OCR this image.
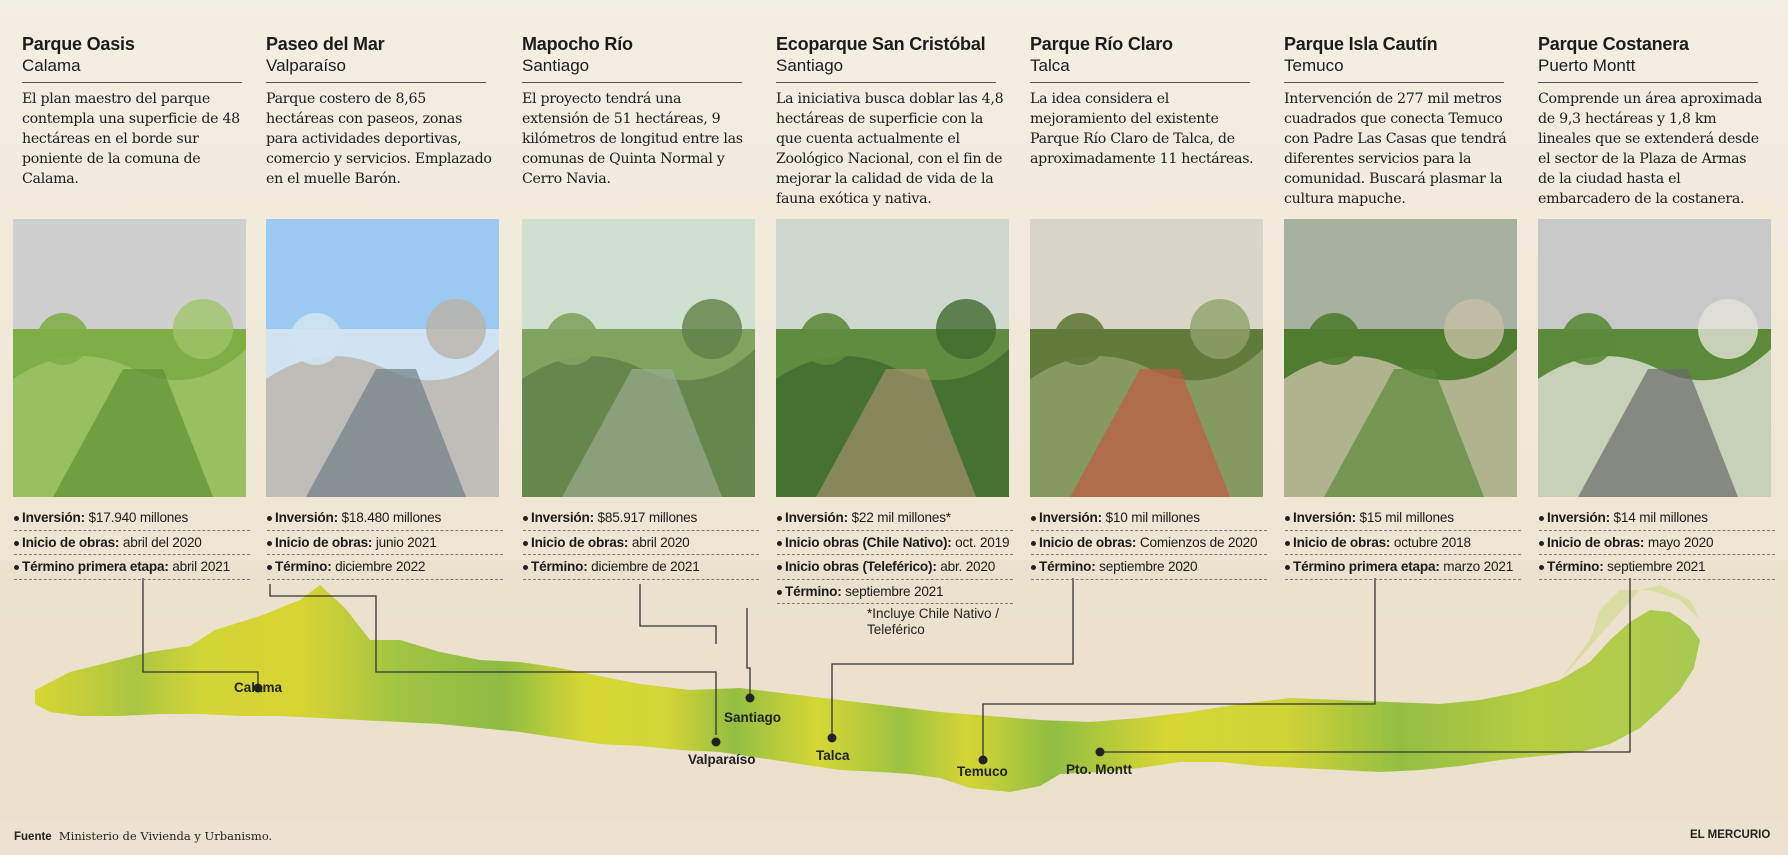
Parque Oasis
Calama
El plan maestro del parque contempla una superficie de 48 hectáreas en el borde sur poniente de la comuna de Calama.
Paseo del Mar
Valparaíso
Parque costero de 8,65 hectáreas con paseos, zonas para actividades deportivas, comercio y servicios. Emplazado en el muelle Barón.
Mapocho Río
Santiago
El proyecto tendrá una extensión de 51 hectáreas, 9 kilómetros de longitud entre las comunas de Quinta Normal y Cerro Navia.
Ecoparque San Cristóbal
Santiago
La iniciativa busca doblar las 4,8 hectáreas de superficie con la que cuenta actualmente el Zoológico Nacional, con el fin de mejorar la calidad de vida de la fauna exótica y nativa.
Parque Río Claro
Talca
La idea considera el mejoramiento del existente Parque Río Claro de Talca, de aproximadamente 11 hectáreas.
Parque Isla Cautín
Temuco
Intervención de 277 mil metros cuadrados que conecta Temuco con Padre Las Casas que tendrá diferentes servicios para la comunidad. Buscará plasmar la cultura mapuche.
Parque Costanera
Puerto Montt
Comprende un área aproximada de 9,3 hectáreas y 1,8 km lineales que se extenderá desde el sector de la Plaza de Armas de la ciudad hasta el embarcadero de la costanera.
*Incluye Chile Nativo / Teleférico
Calama
Santiago
Valparaíso	Talca
Temuco	Pto. Montt
Fuente Ministerio de Vivienda y Urbanismo.	EL MERCURIO
Inversión: $17.940 millones
Inicio de obras: abril del 2020
Término primera etapa: abril 2021
Inversión: $18.480 millones
Inicio de obras: junio 2021
Término: diciembre 2022
Inversión: $85.917 millones
Inicio de obras: abril 2020
Término: diciembre de 2021
Inversión: $22 mil millones*
Inicio obras (Chile Nativo): oct. 2019
Inicio obras (Teleférico): abr. 2020
Término: septiembre 2021
Inversión: $10 mil millones
Inicio de obras: Comienzos de 2020
Término: septiembre 2020
Inversión: $15 mil millones
Inicio de obras: octubre 2018
Término primera etapa: marzo 2021
Inversión: $14 mil millones
Inicio de obras: mayo 2020
Término: septiembre 2021
